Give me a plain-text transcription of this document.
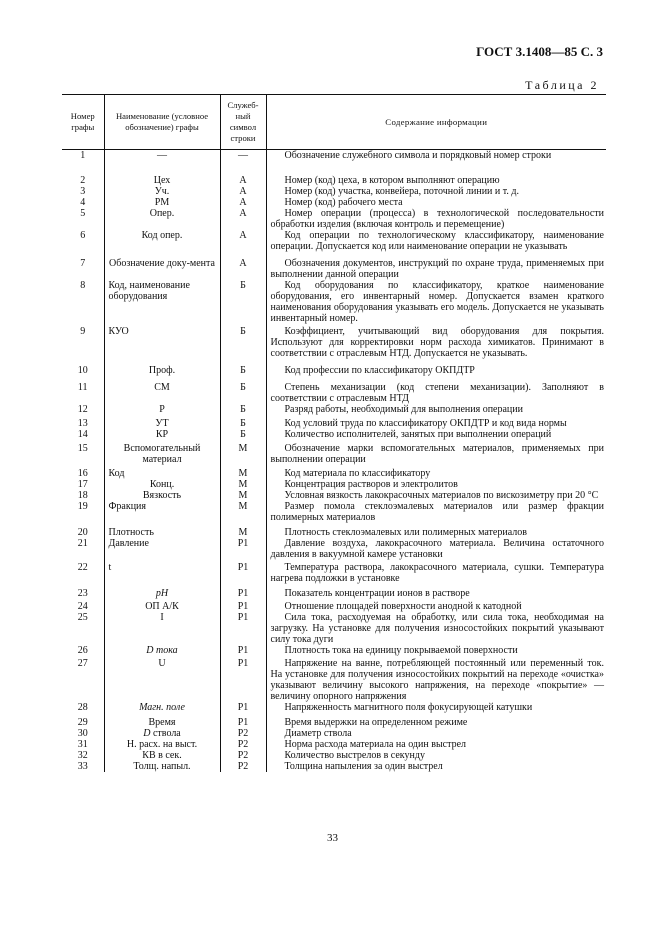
ГОСТ 3.1408—85 С. 3
Таблица 2
Номер графы	Наименование (условное обозначение) графы	Служеб-ный символ строки	Содержание информации
1	—	—	Обозначение служебного символа и порядковый номер строки
2	Цех	А	Номер (код) цеха, в котором выполняют операцию
3	Уч.	А	Номер (код) участка, конвейера, поточной линии и т. д.
4	РМ	А	Номер (код) рабочего места
5	Опер.	А	Номер операции (процесса) в технологической последовательности обработки изделия (включая контроль и перемещение)
6	Код опер.	А	Код операции по технологическому классификатору, наименование операции. Допускается код или наименование операции не указывать
7	Обозначение доку-мента	А	Обозначения документов, инструкций по охране труда, применяемых при выполнении данной операции
8	Код, наименование оборудования	Б	Код оборудования по классификатору, краткое наименование оборудования, его инвентарный номер. Допускается взамен краткого наименования оборудования указывать его модель. Допускается не указывать инвентарный номер.
9	КУО	Б	Коэффициент, учитывающий вид оборудования для покрытия. Используют для корректировки норм расхода химикатов. Принимают в соответствии с отраслевым НТД. Допускается не указывать.
10	Проф.	Б	Код профессии по классификатору ОКПДТР
11	СМ	Б	Степень механизации (код степени механизации). Заполняют в соответствии с отраслевым НТД
12	Р	Б	Разряд работы, необходимый для выполнения операции
13	УТ	Б	Код условий труда по классификатору ОКПДТР и код вида нормы
14	КР	Б	Количество исполнителей, занятых при выполнении операций
15	Вспомогательный материал	М	Обозначение марки вспомогательных материалов, применяемых при выполнении операции
16	Код	М	Код материала по классификатору
17	Конц.	М	Концентрация растворов и электролитов
18	Вязкость	М	Условная вязкость лакокрасочных материалов по вискозиметру при 20 °С
19	Фракция	М	Размер помола стеклоэмалевых материалов или размер фракции полимерных материалов
20	Плотность	М	Плотность стеклоэмалевых или полимерных материалов
21	Давление	Р1	Давление воздуха, лакокрасочного материала. Величина остаточного давления в вакуумной камере установки
22	t	Р1	Температура раствора, лакокрасочного материала, сушки. Температура нагрева подложки в установке
23	рН	Р1	Показатель концентрации ионов в растворе
24	ОП А/К	Р1	Отношение площадей поверхности анодной к катодной
25	I	Р1	Сила тока, расходуемая на обработку, или сила тока, необходимая на загрузку. На установке для получения износостойких покрытий указывают силу тока дуги
26	D тока	Р1	Плотность тока на единицу покрываемой поверхности
27	U	Р1	Напряжение на ванне, потребляющей постоянный или переменный ток. На установке для получения износостойких покрытий на переходе «очистка» указывают величину высокого напряжения, на переходе «покрытие» — величину опорного напряжения
28	Магн. поле	Р1	Напряженность магнитного поля фокусирующей катушки
29	Время	Р1	Время выдержки на определенном режиме
30	D ствола	Р2	Диаметр ствола
31	Н. расх. на выст.	Р2	Норма расхода материала на один выстрел
32	КВ в сек.	Р2	Количество выстрелов в секунду
33	Толщ. напыл.	Р2	Толщина напыления за один выстрел
33
